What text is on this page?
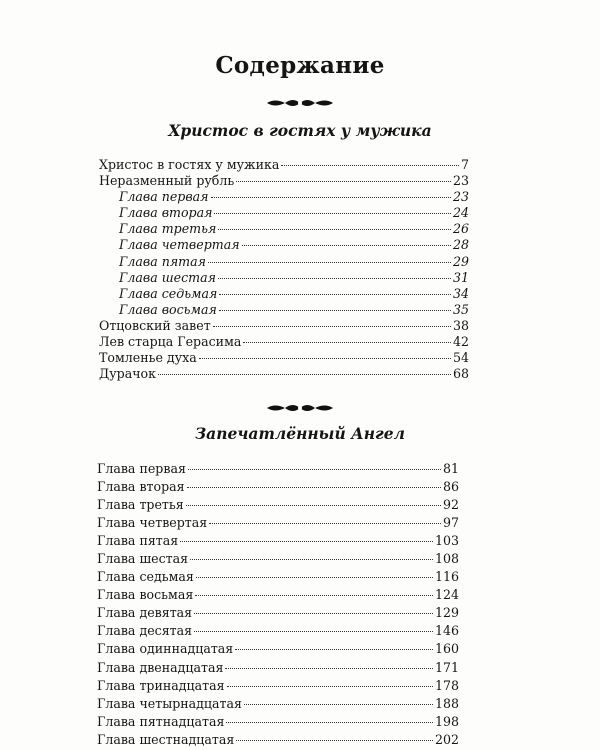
Содержание
Христос в гостях у мужика
Христос в гостях у мужика	7
Неразменный рубль	23
Глава первая	23
Глава вторая	24
Глава третья	26
Глава четвертая	28
Глава пятая	29
Глава шестая	31
Глава седьмая	34
Глава восьмая	35
Отцовский завет	38
Лев старца Герасима	42
Томленье духа	54
Дурачок	68
Запечатлённый Ангел
Глава первая	81
Глава вторая	86
Глава третья	92
Глава четвертая	97
Глава пятая	103
Глава шестая	108
Глава седьмая	116
Глава восьмая	124
Глава девятая	129
Глава десятая	146
Глава одиннадцатая	160
Глава двенадцатая	171
Глава тринадцатая	178
Глава четырнадцатая	188
Глава пятнадцатая	198
Глава шестнадцатая	202
